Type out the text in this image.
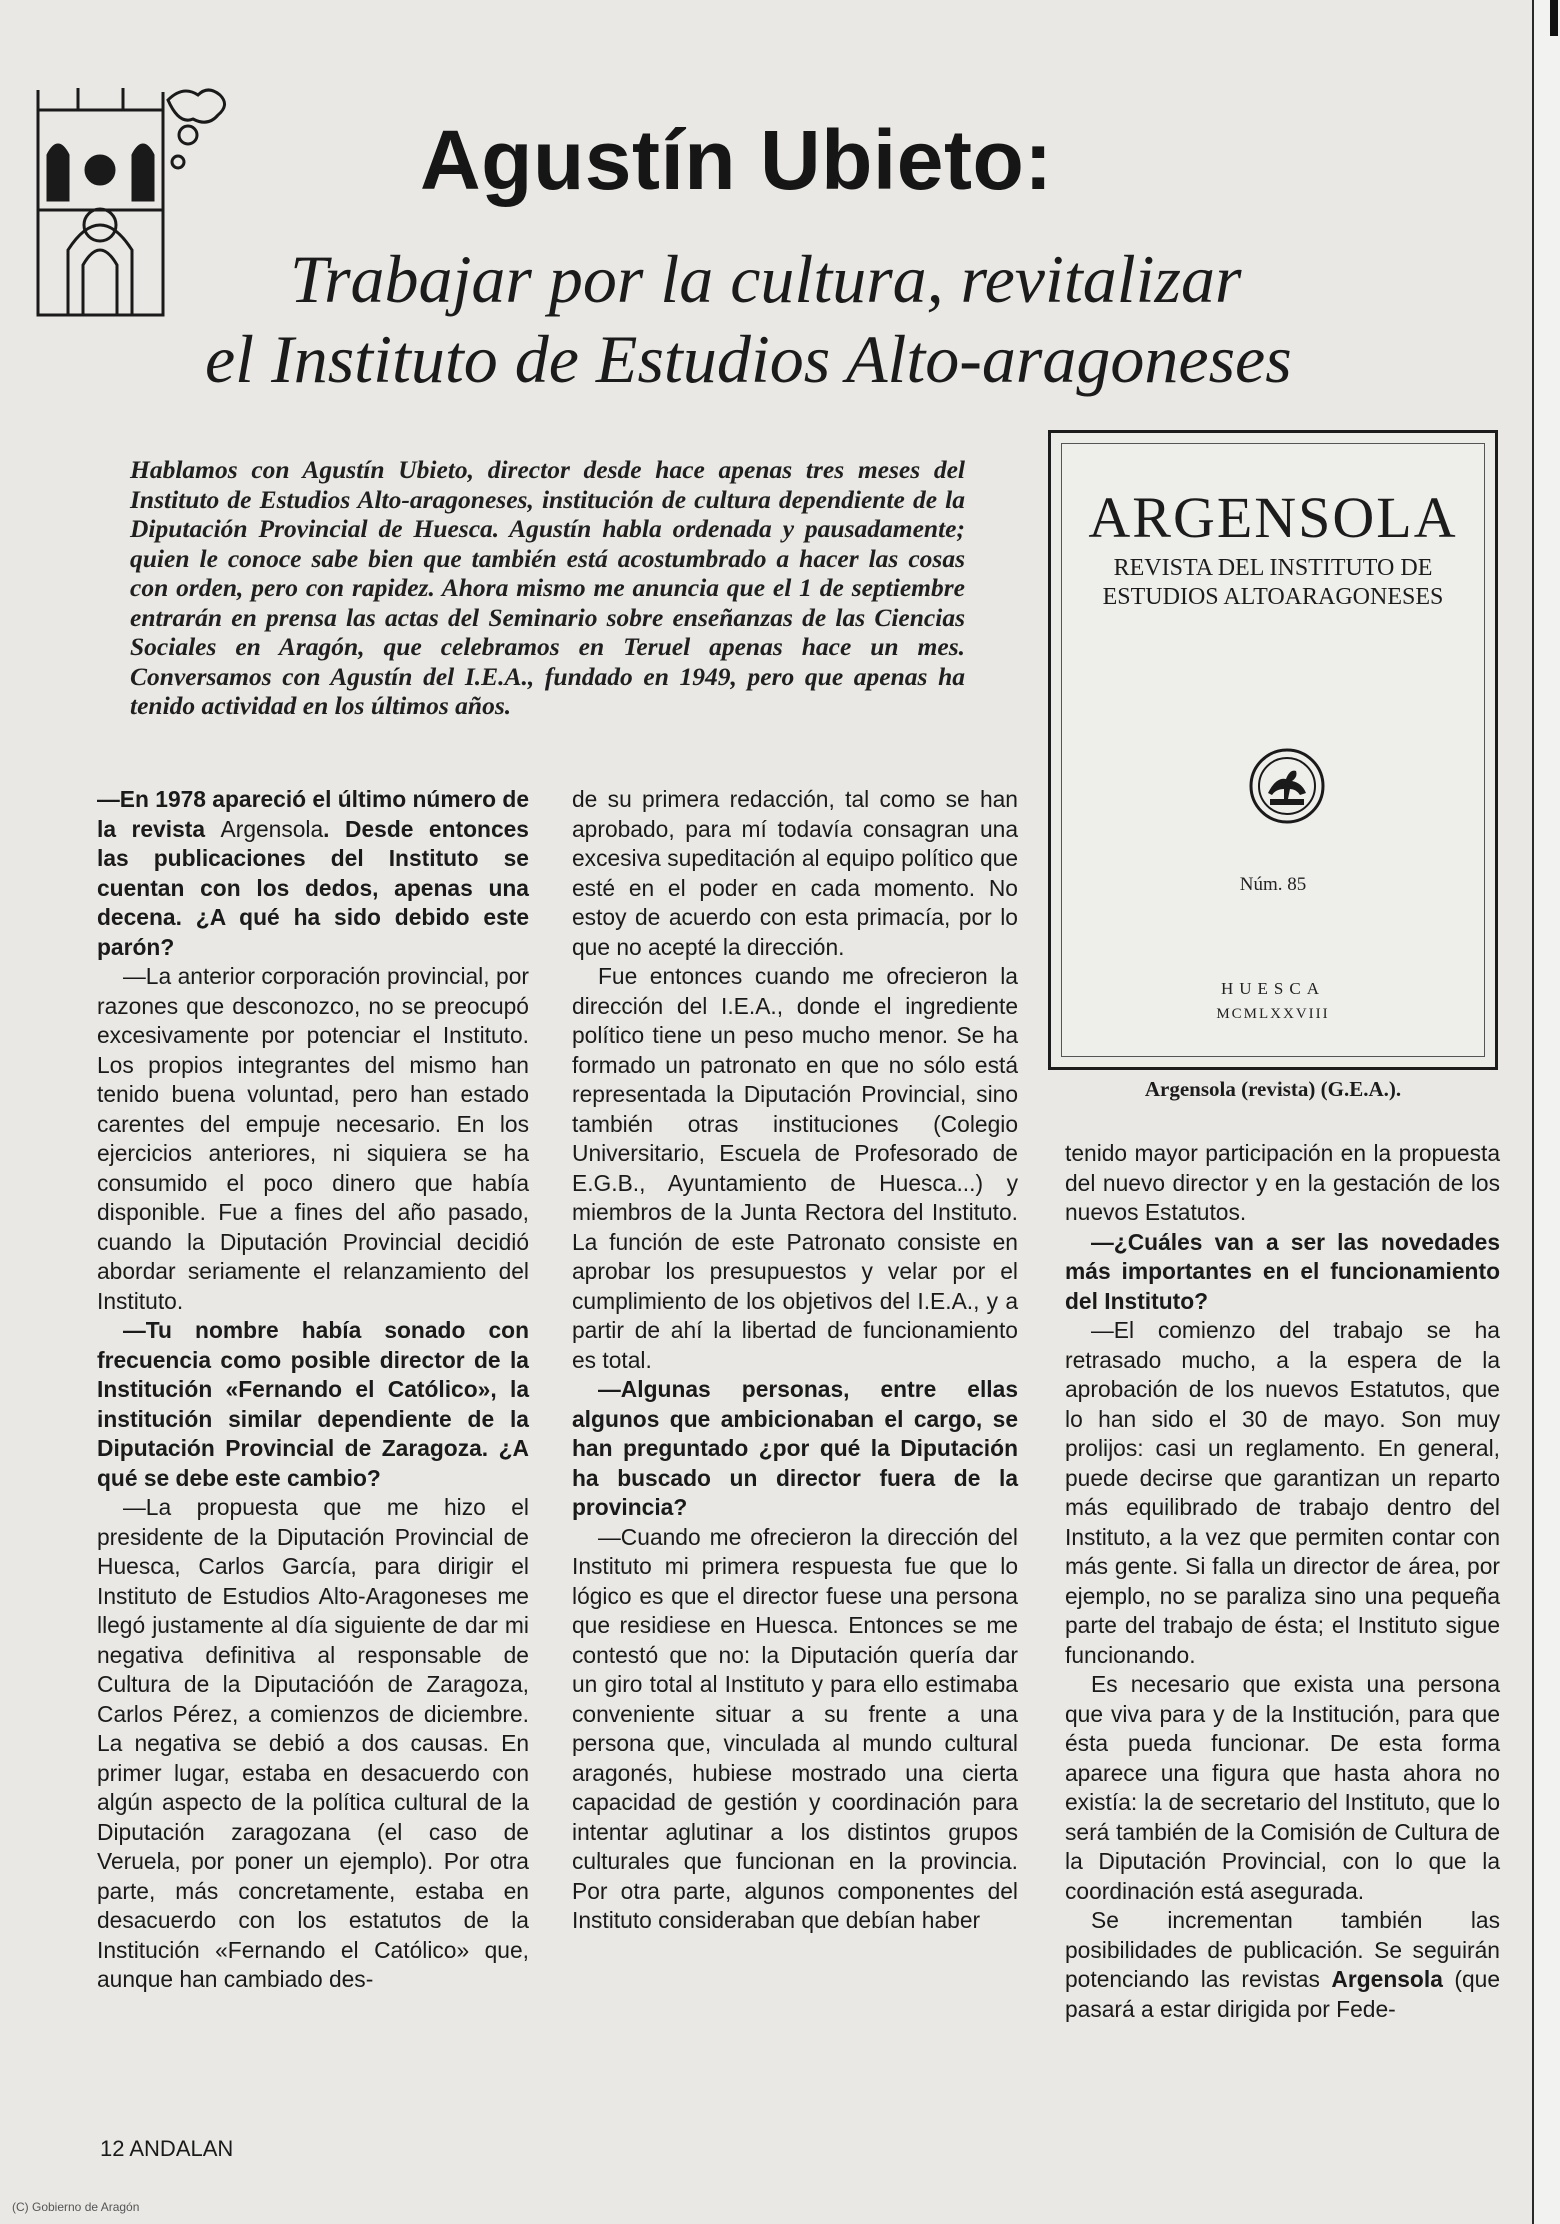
Agustín Ubieto:

Trabajar por la cultura, revitalizar

el Instituto de Estudios Alto-aragoneses

Hablamos con Agustín Ubieto, director desde hace apenas tres meses del Instituto de Estudios Alto-aragoneses, institución de cultura dependiente de la Diputación Provincial de Huesca. Agustín habla ordenada y pausadamente; quien le conoce sabe bien que también está acostumbrado a hacer las cosas con orden, pero con rapidez. Ahora mismo me anuncia que el 1 de septiembre entrarán en prensa las actas del Seminario sobre enseñanzas de las Ciencias Sociales en Aragón, que celebramos en Teruel apenas hace un mes. Conversamos con Agustín del I.E.A., fundado en 1949, pero que apenas ha tenido actividad en los últimos años.

—En 1978 apareció el último número de la revista Argensola. Desde entonces las publicaciones del Instituto se cuentan con los dedos, apenas una decena. ¿A qué ha sido debido este parón?

—La anterior corporación provincial, por razones que desconozco, no se preocupó excesivamente por potenciar el Instituto. Los propios integrantes del mismo han tenido buena voluntad, pero han estado carentes del empuje necesario. En los ejercicios anteriores, ni siquiera se ha consumido el poco dinero que había disponible. Fue a fines del año pasado, cuando la Diputación Provincial decidió abordar seriamente el relanzamiento del Instituto.

—Tu nombre había sonado con frecuencia como posible director de la Institución «Fernando el Católico», la institución similar dependiente de la Diputación Provincial de Zaragoza. ¿A qué se debe este cambio?

—La propuesta que me hizo el presidente de la Diputación Provincial de Huesca, Carlos García, para dirigir el Instituto de Estudios Alto-Aragoneses me llegó justamente al día siguiente de dar mi negativa definitiva al responsable de Cultura de la Diputacióón de Zaragoza, Carlos Pérez, a comienzos de diciembre. La negativa se debió a dos causas. En primer lugar, estaba en desacuerdo con algún aspecto de la política cultural de la Diputación zaragozana (el caso de Veruela, por poner un ejemplo). Por otra parte, más concretamente, estaba en desacuerdo con los estatutos de la Institución «Fernando el Católico» que, aunque han cambiado des-

de su primera redacción, tal como se han aprobado, para mí todavía consagran una excesiva supeditación al equipo político que esté en el poder en cada momento. No estoy de acuerdo con esta primacía, por lo que no acepté la dirección.

Fue entonces cuando me ofrecieron la dirección del I.E.A., donde el ingrediente político tiene un peso mucho menor. Se ha formado un patronato en que no sólo está representada la Diputación Provincial, sino también otras instituciones (Colegio Universitario, Escuela de Profesorado de E.G.B., Ayuntamiento de Huesca...) y miembros de la Junta Rectora del Instituto. La función de este Patronato consiste en aprobar los presupuestos y velar por el cumplimiento de los objetivos del I.E.A., y a partir de ahí la libertad de funcionamiento es total.

—Algunas personas, entre ellas algunos que ambicionaban el cargo, se han preguntado ¿por qué la Diputación ha buscado un director fuera de la provincia?

—Cuando me ofrecieron la dirección del Instituto mi primera respuesta fue que lo lógico es que el director fuese una persona que residiese en Huesca. Entonces se me contestó que no: la Diputación quería dar un giro total al Instituto y para ello estimaba conveniente situar a su frente a una persona que, vinculada al mundo cultural aragonés, hubiese mostrado una cierta capacidad de gestión y coordinación para intentar aglutinar a los distintos grupos culturales que funcionan en la provincia. Por otra parte, algunos componentes del Instituto consideraban que debían haber

tenido mayor participación en la propuesta del nuevo director y en la gestación de los nuevos Estatutos.

—¿Cuáles van a ser las novedades más importantes en el funcionamiento del Instituto?

—El comienzo del trabajo se ha retrasado mucho, a la espera de la aprobación de los nuevos Estatutos, que lo han sido el 30 de mayo. Son muy prolijos: casi un reglamento. En general, puede decirse que garantizan un reparto más equilibrado de trabajo dentro del Instituto, a la vez que permiten contar con más gente. Si falla un director de área, por ejemplo, no se paraliza sino una pequeña parte del trabajo de ésta; el Instituto sigue funcionando.

Es necesario que exista una persona que viva para y de la Institución, para que ésta pueda funcionar. De esta forma aparece una figura que hasta ahora no existía: la de secretario del Instituto, que lo será también de la Comisión de Cultura de la Diputación Provincial, con lo que la coordinación está asegurada.

Se incrementan también las posibilidades de publicación. Se seguirán potenciando las revistas Argensola (que pasará a estar dirigida por Fede-

ARGENSOLA
REVISTA DEL INSTITUTO DE
ESTUDIOS ALTOARAGONESES
Núm. 85
HUESCA
MCMLXXVIII
Argensola (revista) (G.E.A.).
12 ANDALAN
(C) Gobierno de Aragón
